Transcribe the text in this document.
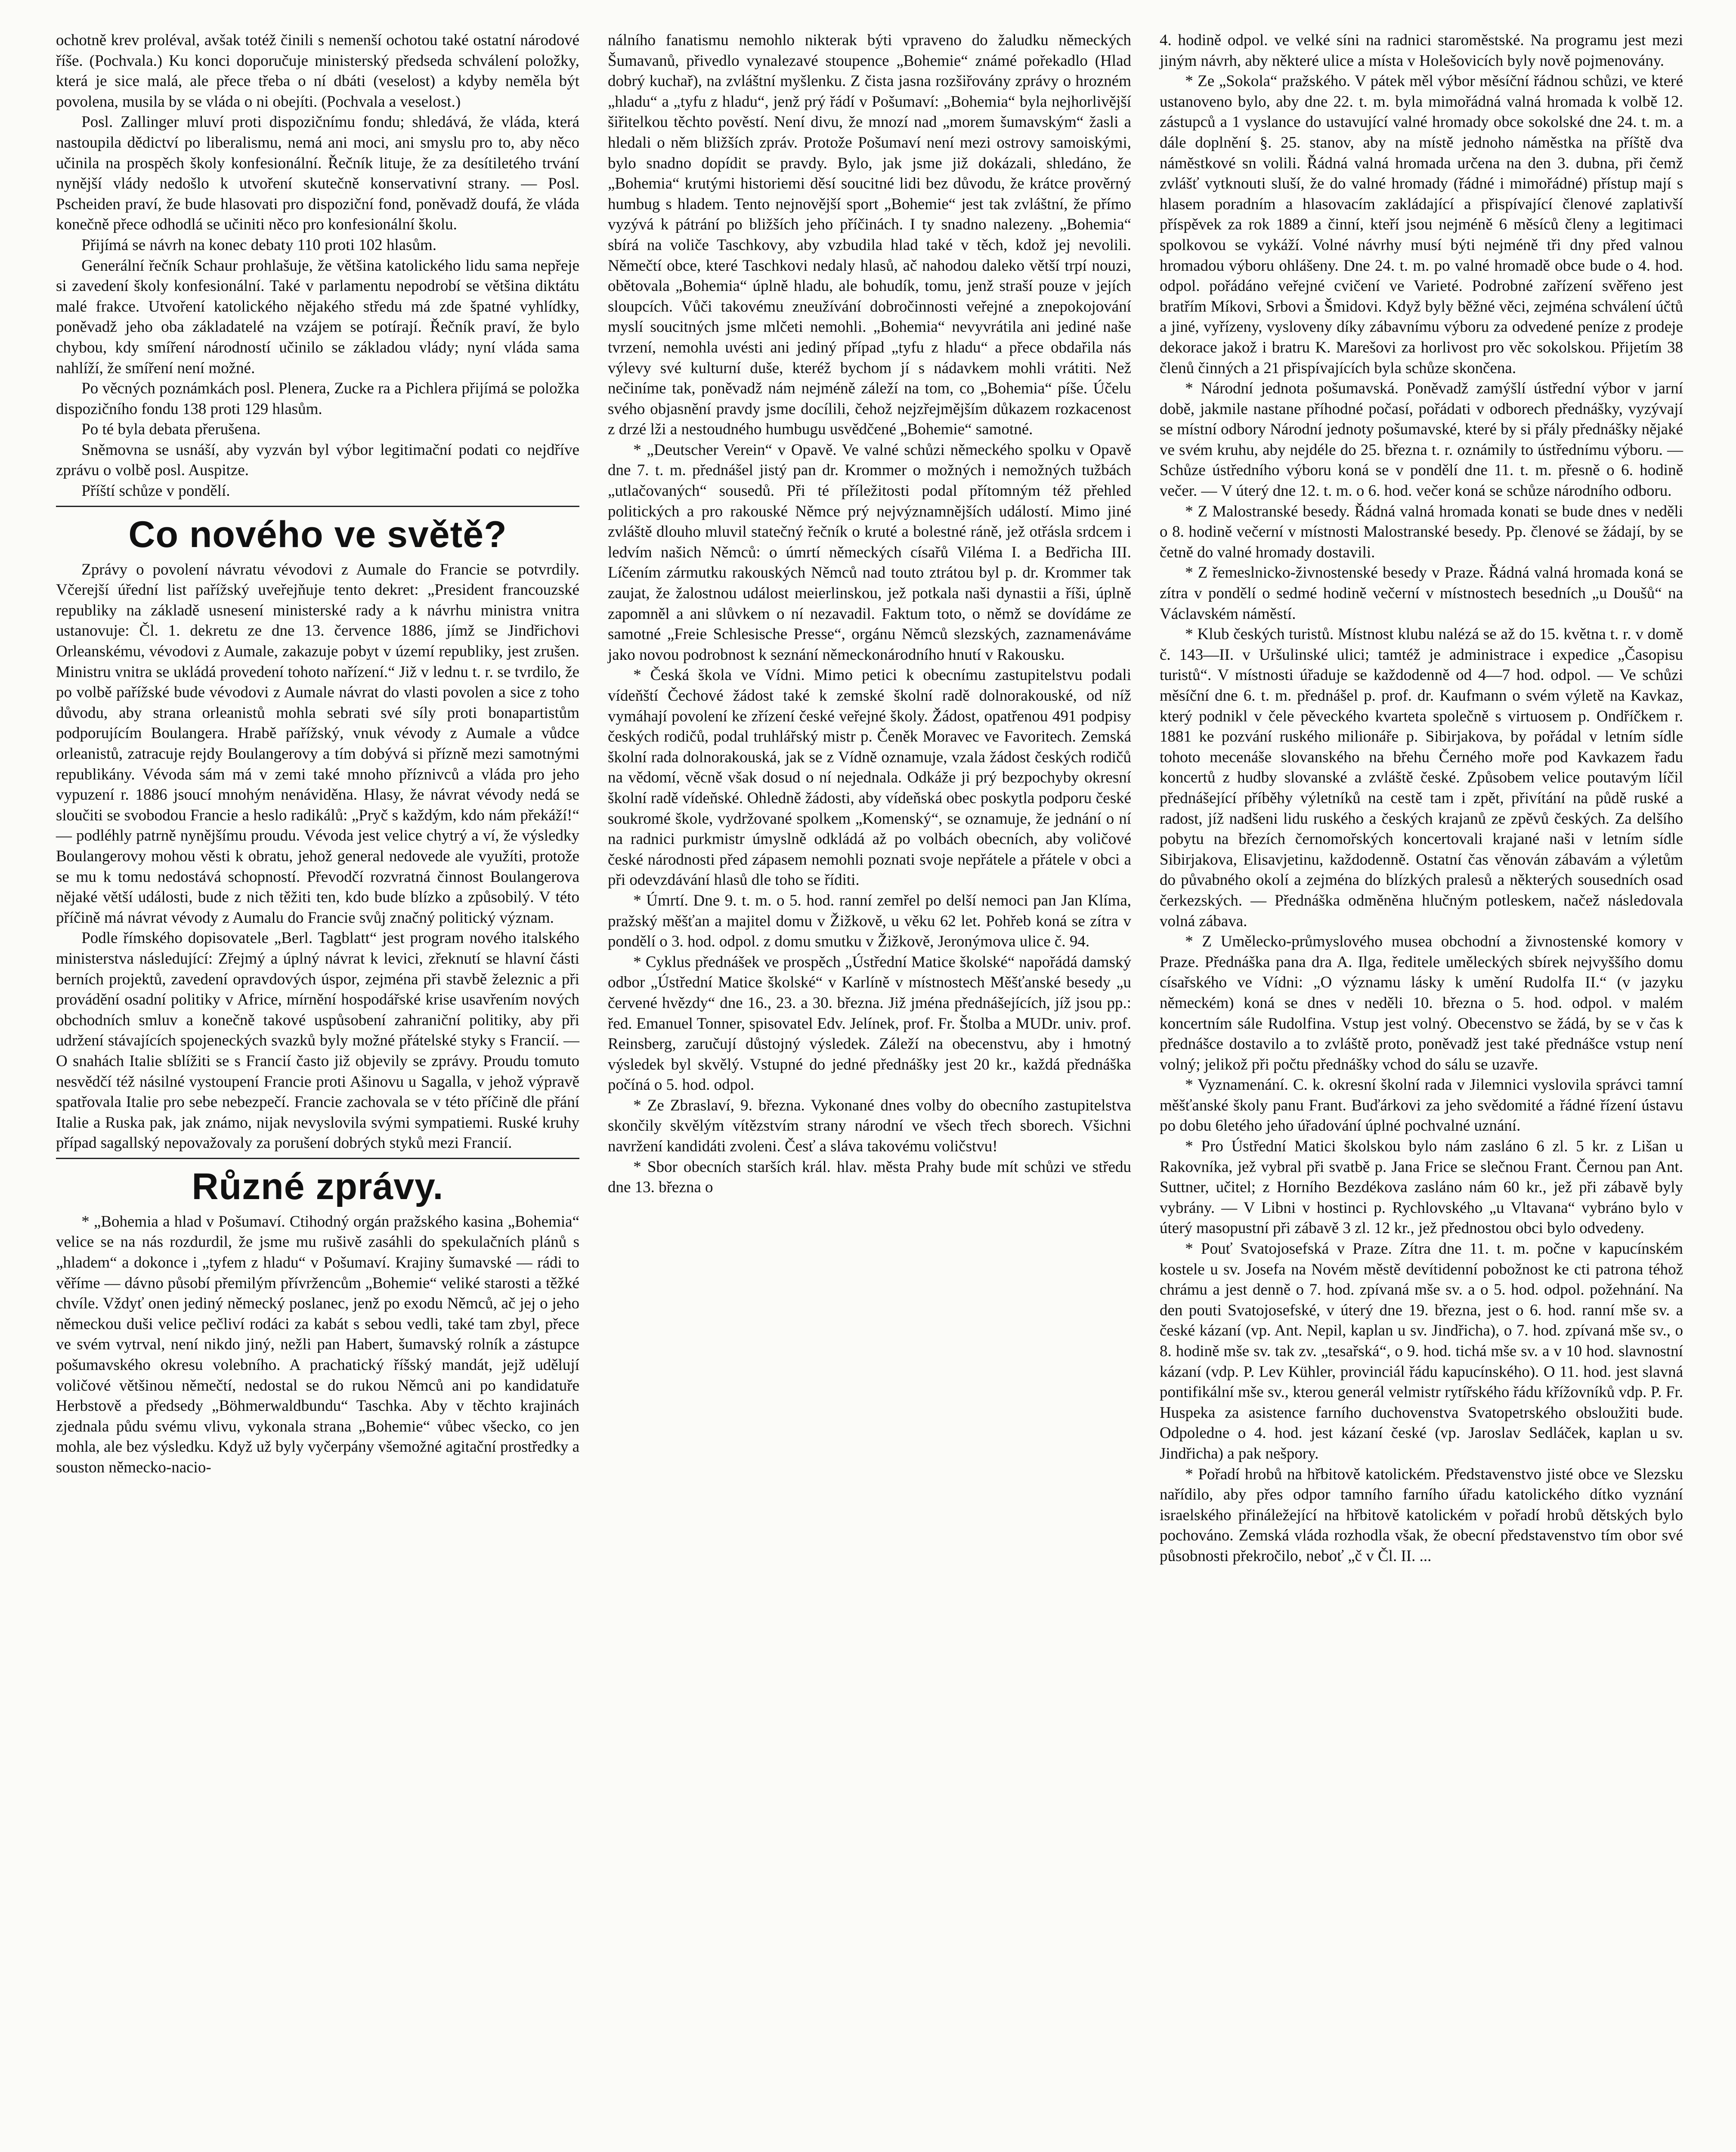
ochotně krev proléval, avšak totéž činili s nemenší ochotou také ostatní národové říše. (Pochvala.) Ku konci doporučuje ministerský předseda schválení položky, která je sice malá, ale přece třeba o ní dbáti (veselost) a kdyby neměla být povolena, musila by se vláda o ni obejíti. (Pochvala a veselost.)

Posl. Zallinger mluví proti dispozičnímu fondu; shledává, že vláda, která nastoupila dědictví po liberalismu, nemá ani moci, ani smyslu pro to, aby něco učinila na prospěch školy konfesionální. Řečník lituje, že za desítiletého trvání nynější vlády nedošlo k utvoření skutečně konservativní strany. — Posl. Pscheiden praví, že bude hlasovati pro dispoziční fond, poněvadž doufá, že vláda konečně přece odhodlá se učiniti něco pro konfesionální školu.

Přijímá se návrh na konec debaty 110 proti 102 hlasům.

Generální řečník Schaur prohlašuje, že většina katolického lidu sama nepřeje si zavedení školy konfesionální. Také v parlamentu nepodrobí se většina diktátu malé frakce. Utvoření katolického nějakého středu má zde špatné vyhlídky, poněvadž jeho oba základatelé na vzájem se potírají. Řečník praví, že bylo chybou, kdy smíření národností učinilo se základou vlády; nyní vláda sama nahlíží, že smíření není možné.

Po věcných poznámkách posl. Plenera, Zucke ra a Pichlera přijímá se položka dispozičního fondu 138 proti 129 hlasům.

Po té byla debata přerušena.

Sněmovna se usnáší, aby vyzván byl výbor legitimační podati co nejdříve zprávu o volbě posl. Auspitze.

Příští schůze v pondělí.

Co nového ve světě?

Zprávy o povolení návratu vévodovi z Aumale do Francie se potvrdily. Včerejší úřední list pařížský uveřejňuje tento dekret: „President francouzské republiky na základě usnesení ministerské rady a k návrhu ministra vnitra ustanovuje: Čl. 1. dekretu ze dne 13. července 1886, jímž se Jindřichovi Orleanskému, vévodovi z Aumale, zakazuje pobyt v území republiky, jest zrušen. Ministru vnitra se ukládá provedení tohoto nařízení.“ Již v lednu t. r. se tvrdilo, že po volbě pařížské bude vévodovi z Aumale návrat do vlasti povolen a sice z toho důvodu, aby strana orleanistů mohla sebrati své síly proti bonapartistům podporujícím Boulangera. Hrabě pařížský, vnuk vévody z Aumale a vůdce orleanistů, zatracuje rejdy Boulangerovy a tím dobývá si přízně mezi samotnými republikány. Vévoda sám má v zemi také mnoho příznivců a vláda pro jeho vypuzení r. 1886 jsoucí mnohým nenáviděna. Hlasy, že návrat vévody nedá se sloučiti se svobodou Francie a heslo radikálů: „Pryč s každým, kdo nám překáží!“ — podléhly patrně nynějšímu proudu. Vévoda jest velice chytrý a ví, že výsledky Boulangerovy mohou věsti k obratu, jehož general nedovede ale využíti, protože se mu k tomu nedostává schopností. Převodčí rozvratná činnost Boulangerova nějaké větší události, bude z nich těžiti ten, kdo bude blízko a způsobilý. V této příčině má návrat vévody z Aumalu do Francie svůj značný politický význam.

Podle římského dopisovatele „Berl. Tagblatt“ jest program nového italského ministerstva následující: Zřejmý a úplný návrat k levici, zřeknutí se hlavní části berních projektů, zavedení opravdových úspor, zejména při stavbě železnic a při provádění osadní politiky v Africe, mírnění hospodářské krise usavřením nových obchodních smluv a konečně takové uspůsobení zahraniční politiky, aby při udržení stávajících spojeneckých svazků byly možné přátelské styky s Francií. — O snahách Italie sblížiti se s Francií často již objevily se zprávy. Proudu tomuto nesvědčí též násilné vystoupení Francie proti Ašinovu u Sagalla, v jehož výpravě spatřovala Italie pro sebe nebezpečí. Francie zachovala se v této příčině dle přání Italie a Ruska pak, jak známo, nijak nevyslovila svými sympatiemi. Ruské kruhy případ sagallský nepovažovaly za porušení dobrých styků mezi Francií.

Různé zprávy.

* „Bohemia a hlad v Pošumaví. Ctihodný orgán pražského kasina „Bohemia“ velice se na nás rozdurdil, že jsme mu rušivě zasáhli do spekulačních plánů s „hladem“ a dokonce i „tyfem z hladu“ v Pošumaví. Krajiny šumavské — rádi to věříme — dávno působí přemilým přívržencům „Bohemie“ veliké starosti a těžké chvíle. Vždyť onen jediný německý poslanec, jenž po exodu Němců, ač jej o jeho německou duši velice pečliví rodáci za kabát s sebou vedli, také tam zbyl, přece ve svém vytrval, není nikdo jiný, nežli pan Habert, šumavský rolník a zástupce pošumavského okresu volebního. A prachatický říšský mandát, jejž udělují voličové většinou němečtí, nedostal se do rukou Němců ani po kandidatuře Herbstově a předsedy „Böhmerwaldbundu“ Taschka. Aby v těchto krajinách zjednala půdu svému vlivu, vykonala strana „Bohemie“ vůbec všecko, co jen mohla, ale bez výsledku. Když už byly vyčerpány všemožné agitační prostředky a souston německo-nacio-

nálního fanatismu nemohlo nikterak býti vpraveno do žaludku německých Šumavanů, přivedlo vynalezavé stoupence „Bohemie“ známé pořekadlo (Hlad dobrý kuchař), na zvláštní myšlenku. Z čista jasna rozšiřovány zprávy o hrozném „hladu“ a „tyfu z hladu“, jenž prý řádí v Pošumaví: „Bohemia“ byla nejhorlivější šiřitelkou těchto pověstí. Není divu, že mnozí nad „morem šumavským“ žasli a hledali o něm bližších zpráv. Protože Pošumaví není mezi ostrovy samoiskými, bylo snadno dopídit se pravdy. Bylo, jak jsme již dokázali, shledáno, že „Bohemia“ krutými historiemi děsí soucitné lidi bez důvodu, že krátce prověrný humbug s hladem. Tento nejnovější sport „Bohemie“ jest tak zvláštní, že přímo vyzývá k pátrání po bližších jeho příčinách. I ty snadno nalezeny. „Bohemia“ sbírá na voliče Taschkovy, aby vzbudila hlad také v těch, kdož jej nevolili. Němečtí obce, které Taschkovi nedaly hlasů, ač nahodou daleko větší trpí nouzi, obětovala „Bohemia“ úplně hladu, ale bohudík, tomu, jenž straší pouze v jejích sloupcích. Vůči takovému zneužívání dobročinnosti veřejné a znepokojování myslí soucitných jsme mlčeti nemohli. „Bohemia“ nevyvrátila ani jediné naše tvrzení, nemohla uvésti ani jediný případ „tyfu z hladu“ a přece obdařila nás výlevy své kulturní duše, kteréž bychom jí s nádavkem mohli vrátiti. Než nečiníme tak, poněvadž nám nejméně záleží na tom, co „Bohemia“ píše. Účelu svého objasnění pravdy jsme docílili, čehož nejzřejmějším důkazem rozkacenost z drzé lži a nestoudného humbugu usvědčené „Bohemie“ samotné.

* „Deutscher Verein“ v Opavě. Ve valné schůzi německého spolku v Opavě dne 7. t. m. přednášel jistý pan dr. Krommer o možných i nemožných tužbách „utlačovaných“ sousedů. Při té příležitosti podal přítomným též přehled politických a pro rakouské Němce prý nejvýznamnějších událostí. Mimo jiné zvláště dlouho mluvil statečný řečník o kruté a bolestné ráně, jež otřásla srdcem i ledvím našich Němců: o úmrtí německých císařů Viléma I. a Bedřicha III. Líčením zármutku rakouských Němců nad touto ztrátou byl p. dr. Krommer tak zaujat, že žalostnou událost meierlinskou, jež potkala naši dynastii a říši, úplně zapomněl a ani slůvkem o ní nezavadil. Faktum toto, o němž se dovídáme ze samotné „Freie Schlesische Presse“, orgánu Němců slezských, zaznamenáváme jako novou podrobnost k seznání německonárodního hnutí v Rakousku.

* Česká škola ve Vídni. Mimo petici k obecnímu zastupitelstvu podali vídeňští Čechové žádost také k zemské školní radě dolnorakouské, od níž vymáhají povolení ke zřízení české veřejné školy. Žádost, opatřenou 491 podpisy českých rodičů, podal truhlářský mistr p. Čeněk Moravec ve Favoritech. Zemská školní rada dolnorakouská, jak se z Vídně oznamuje, vzala žádost českých rodičů na vědomí, věcně však dosud o ní nejednala. Odkáže ji prý bezpochyby okresní školní radě vídeňské. Ohledně žádosti, aby vídeňská obec poskytla podporu české soukromé škole, vydržované spolkem „Komenský“, se oznamuje, že jednání o ní na radnici purkmistr úmyslně odkládá až po volbách obecních, aby voličové české národnosti před zápasem nemohli poznati svoje nepřátele a přátele v obci a při odevzdávání hlasů dle toho se říditi.

* Úmrtí. Dne 9. t. m. o 5. hod. ranní zemřel po delší nemoci pan Jan Klíma, pražský měšťan a majitel domu v Žižkově, u věku 62 let. Pohřeb koná se zítra v pondělí o 3. hod. odpol. z domu smutku v Žižkově, Jeronýmova ulice č. 94.

* Cyklus přednášek ve prospěch „Ústřední Matice školské“ napořádá damský odbor „Ústřední Matice školské“ v Karlíně v místnostech Měšťanské besedy „u červené hvězdy“ dne 16., 23. a 30. března. Již jména přednášejících, jíž jsou pp.: řed. Emanuel Tonner, spisovatel Edv. Jelínek, prof. Fr. Štolba a MUDr. univ. prof. Reinsberg, zaručují důstojný výsledek. Záleží na obecenstvu, aby i hmotný výsledek byl skvělý. Vstupné do jedné přednášky jest 20 kr., každá přednáška počíná o 5. hod. odpol.

* Ze Zbraslaví, 9. března. Vykonané dnes volby do obecního zastupitelstva skončily skvělým vítězstvím strany národní ve všech třech sborech. Všichni navržení kandidáti zvoleni. Česť a sláva takovému voličstvu!

* Sbor obecních starších král. hlav. města Prahy bude mít schůzi ve středu dne 13. března o

4. hodině odpol. ve velké síni na radnici staroměstské. Na programu jest mezi jiným návrh, aby některé ulice a místa v Holešovicích byly nově pojmenovány.

* Ze „Sokola“ pražského. V pátek měl výbor měsíční řádnou schůzi, ve které ustanoveno bylo, aby dne 22. t. m. byla mimořádná valná hromada k volbě 12. zástupců a 1 vyslance do ustavující valné hromady obce sokolské dne 24. t. m. a dále doplnění §. 25. stanov, aby na místě jednoho náměstka na příště dva náměstkové sn volili. Řádná valná hromada určena na den 3. dubna, při čemž zvlášť vytknouti sluší, že do valné hromady (řádné i mimořádné) přístup mají s hlasem poradním a hlasovacím zakládající a přispívající členové zaplativší příspěvek za rok 1889 a činní, kteří jsou nejméně 6 měsíců členy a legitimaci spolkovou se vykáží. Volné návrhy musí býti nejméně tři dny před valnou hromadou výboru ohlášeny. Dne 24. t. m. po valné hromadě obce bude o 4. hod. odpol. pořádáno veřejné cvičení ve Varieté. Podrobné zařízení svěřeno jest bratřím Míkovi, Srbovi a Šmidovi. Když byly běžné věci, zejména schválení účtů a jiné, vyřízeny, vysloveny díky zábavnímu výboru za odvedené peníze z prodeje dekorace jakož i bratru K. Marešovi za horlivost pro věc sokolskou. Přijetím 38 členů činných a 21 přispívajících byla schůze skončena.

* Národní jednota pošumavská. Poněvadž zamýšlí ústřední výbor v jarní době, jakmile nastane příhodné počasí, pořádati v odborech přednášky, vyzývají se místní odbory Národní jednoty pošumavské, které by si přály přednášky nějaké ve svém kruhu, aby nejdéle do 25. března t. r. oznámily to ústřednímu výboru. — Schůze ústředního výboru koná se v pondělí dne 11. t. m. přesně o 6. hodině večer. — V úterý dne 12. t. m. o 6. hod. večer koná se schůze národního odboru.

* Z Malostranské besedy. Řádná valná hromada konati se bude dnes v neděli o 8. hodině večerní v místnosti Malostranské besedy. Pp. členové se žádají, by se četně do valné hromady dostavili.

* Z řemeslnicko-živnostenské besedy v Praze. Řádná valná hromada koná se zítra v pondělí o sedmé hodině večerní v místnostech besedních „u Doušů“ na Václavském náměstí.

* Klub českých turistů. Místnost klubu nalézá se až do 15. května t. r. v domě č. 143—II. v Uršulinské ulici; tamtéž je administrace i expedice „Časopisu turistů“. V místnosti úřaduje se každodenně od 4—7 hod. odpol. — Ve schůzi měsíční dne 6. t. m. přednášel p. prof. dr. Kaufmann o svém výletě na Kavkaz, který podnikl v čele pěveckého kvarteta společně s virtuosem p. Ondříčkem r. 1881 ke pozvání ruského milionáře p. Sibirjakova, by pořádal v letním sídle tohoto mecenáše slovanského na břehu Černého moře pod Kavkazem řadu koncertů z hudby slovanské a zvláště české. Způsobem velice poutavým líčil přednášející příběhy výletníků na cestě tam i zpět, přivítání na půdě ruské a radost, jíž nadšeni lidu ruského a českých krajanů ze zpěvů českých. Za delšího pobytu na březích černomořských koncertovali krajané naši v letním sídle Sibirjakova, Elisavjetinu, každodenně. Ostatní čas věnován zábavám a výletům do půvabného okolí a zejména do blízkých pralesů a některých sousedních osad čerkezských. — Přednáška odměněna hlučným potleskem, načež následovala volná zábava.

* Z Umělecko-průmyslového musea obchodní a živnostenské komory v Praze. Přednáška pana dra A. Ilga, ředitele uměleckých sbírek nejvyššího domu císařského ve Vídni: „O významu lásky k umění Rudolfa II.“ (v jazyku německém) koná se dnes v neděli 10. března o 5. hod. odpol. v malém koncertním sále Rudolfina. Vstup jest volný. Obecenstvo se žádá, by se v čas k přednášce dostavilo a to zvláště proto, poněvadž jest také přednášce vstup není volný; jelikož při počtu přednášky vchod do sálu se uzavře.

* Vyznamenání. C. k. okresní školní rada v Jilemnici vyslovila správci tamní měšťanské školy panu Frant. Buďárkovi za jeho svědomité a řádné řízení ústavu po dobu 6letého jeho úřadování úplné pochvalné uznání.

* Pro Ústřední Matici školskou bylo nám zasláno 6 zl. 5 kr. z Lišan u Rakovníka, jež vybral při svatbě p. Jana Frice se slečnou Frant. Černou pan Ant. Suttner, učitel; z Horního Bezdékova zasláno nám 60 kr., jež při zábavě byly vybrány. — V Libni v hostinci p. Rychlovského „u Vltavana“ vybráno bylo v úterý masopustní při zábavě 3 zl. 12 kr., jež přednostou obci bylo odvedeny.

* Pouť Svatojosefská v Praze. Zítra dne 11. t. m. počne v kapucínském kostele u sv. Josefa na Novém městě devítidenní pobožnost ke cti patrona téhož chrámu a jest denně o 7. hod. zpívaná mše sv. a o 5. hod. odpol. požehnání. Na den pouti Svatojosefské, v úterý dne 19. března, jest o 6. hod. ranní mše sv. a české kázaní (vp. Ant. Nepil, kaplan u sv. Jindřicha), o 7. hod. zpívaná mše sv., o 8. hodině mše sv. tak zv. „tesařská“, o 9. hod. tichá mše sv. a v 10 hod. slavnostní kázaní (vdp. P. Lev Kühler, provinciál řádu kapucínského). O 11. hod. jest slavná pontifikální mše sv., kterou generál velmistr rytířského řádu křížovníků vdp. P. Fr. Huspeka za asistence farního duchovenstva Svatopetrského obsloužiti bude. Odpoledne o 4. hod. jest kázaní české (vp. Jaroslav Sedláček, kaplan u sv. Jindřicha) a pak nešpory.

* Pořadí hrobů na hřbitově katolickém. Představenstvo jisté obce ve Slezsku nařídilo, aby přes odpor tamního farního úřadu katolického dítko vyznání israelského přináležející na hřbitově katolickém v pořadí hrobů dětských bylo pochováno. Zemská vláda rozhodla však, že obecní představenstvo tím obor své působnosti překročilo, neboť „č v Čl. II. ...
